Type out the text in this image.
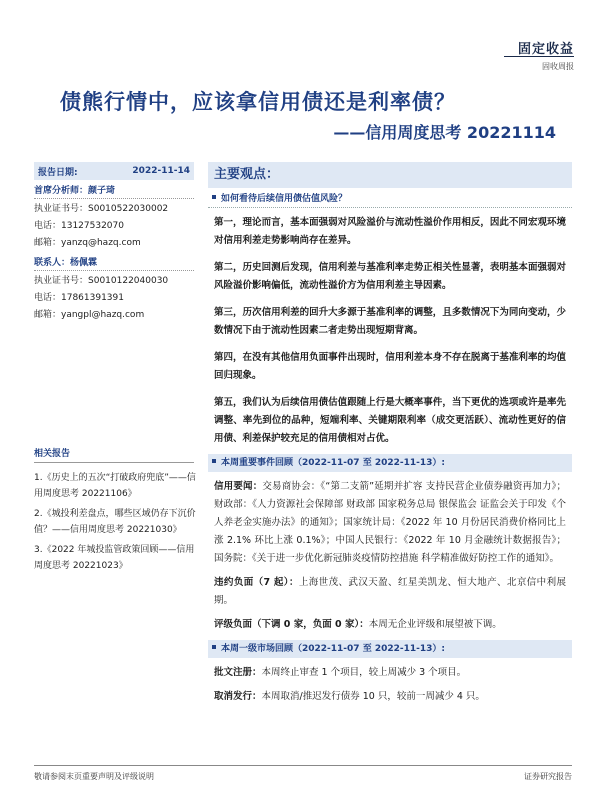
固定收益
固收周报
债熊行情中，应该拿信用债还是利率债？
——信用周度思考 20221114
报告日期:	2022-11-14
首席分析师：颜子琦
执业证书号：S0010522030002
电话：13127532070
邮箱：yanzq@hazq.com
联系人：杨佩霖
执业证书号：S0010122040030
电话：17861391391
邮箱：yangpl@hazq.com
相关报告
1.《历史上的五次“打破政府兜底”——信用周度思考 20221106》
2.《城投利差盘点，哪些区域仍存下沉价值？——信用周度思考 20221030》
3.《2022 年城投监管政策回顾——信用周度思考 20221023》
主要观点：
如何看待后续信用债估值风险？
第一，理论而言，基本面强弱对风险溢价与流动性溢价作用相反，因此不同宏观环境对信用利差走势影响尚存在差异。
第二，历史回测后发现，信用利差与基准利率走势正相关性显著，表明基本面强弱对风险溢价影响偏低，流动性溢价方为信用利差主导因素。
第三，历次信用利差的回升大多源于基准利率的调整，且多数情况下为同向变动，少数情况下由于流动性因素二者走势出现短期背离。
第四，在没有其他信用负面事件出现时，信用利差本身不存在脱离于基准利率的均值回归现象。
第五，我们认为后续信用债估值跟随上行是大概率事件，当下更优的选项或许是率先调整、率先到位的品种，短端利率、关键期限利率（成交更活跃）、流动性更好的信用债、利差保护较充足的信用债相对占优。
本周重要事件回顾（2022-11-07 至 2022-11-13）:
信用要闻：交易商协会：《“第二支箭”延期并扩容 支持民营企业债券融资再加力》；财政部：《人力资源社会保障部 财政部 国家税务总局 银保监会 证监会关于印发《个人养老金实施办法》的通知》；国家统计局：《2022 年 10 月份居民消费价格同比上涨 2.1% 环比上涨 0.1%》；中国人民银行：《2022 年 10 月金融统计数据报告》；国务院：《关于进一步优化新冠肺炎疫情防控措施 科学精准做好防控工作的通知》。
违约负面（7 起）：上海世茂、武汉天盈、红星美凯龙、恒大地产、北京信中利展期。
评级负面（下调 0 家，负面 0 家）：本周无企业评级和展望被下调。
本周一级市场回顾（2022-11-07 至 2022-11-13）:
批文注册：本周终止审查 1 个项目，较上周减少 3 个项目。
取消发行：本周取消/推迟发行债券 10 只，较前一周减少 4 只。
敬请参阅末页重要声明及评级说明	证券研究报告
